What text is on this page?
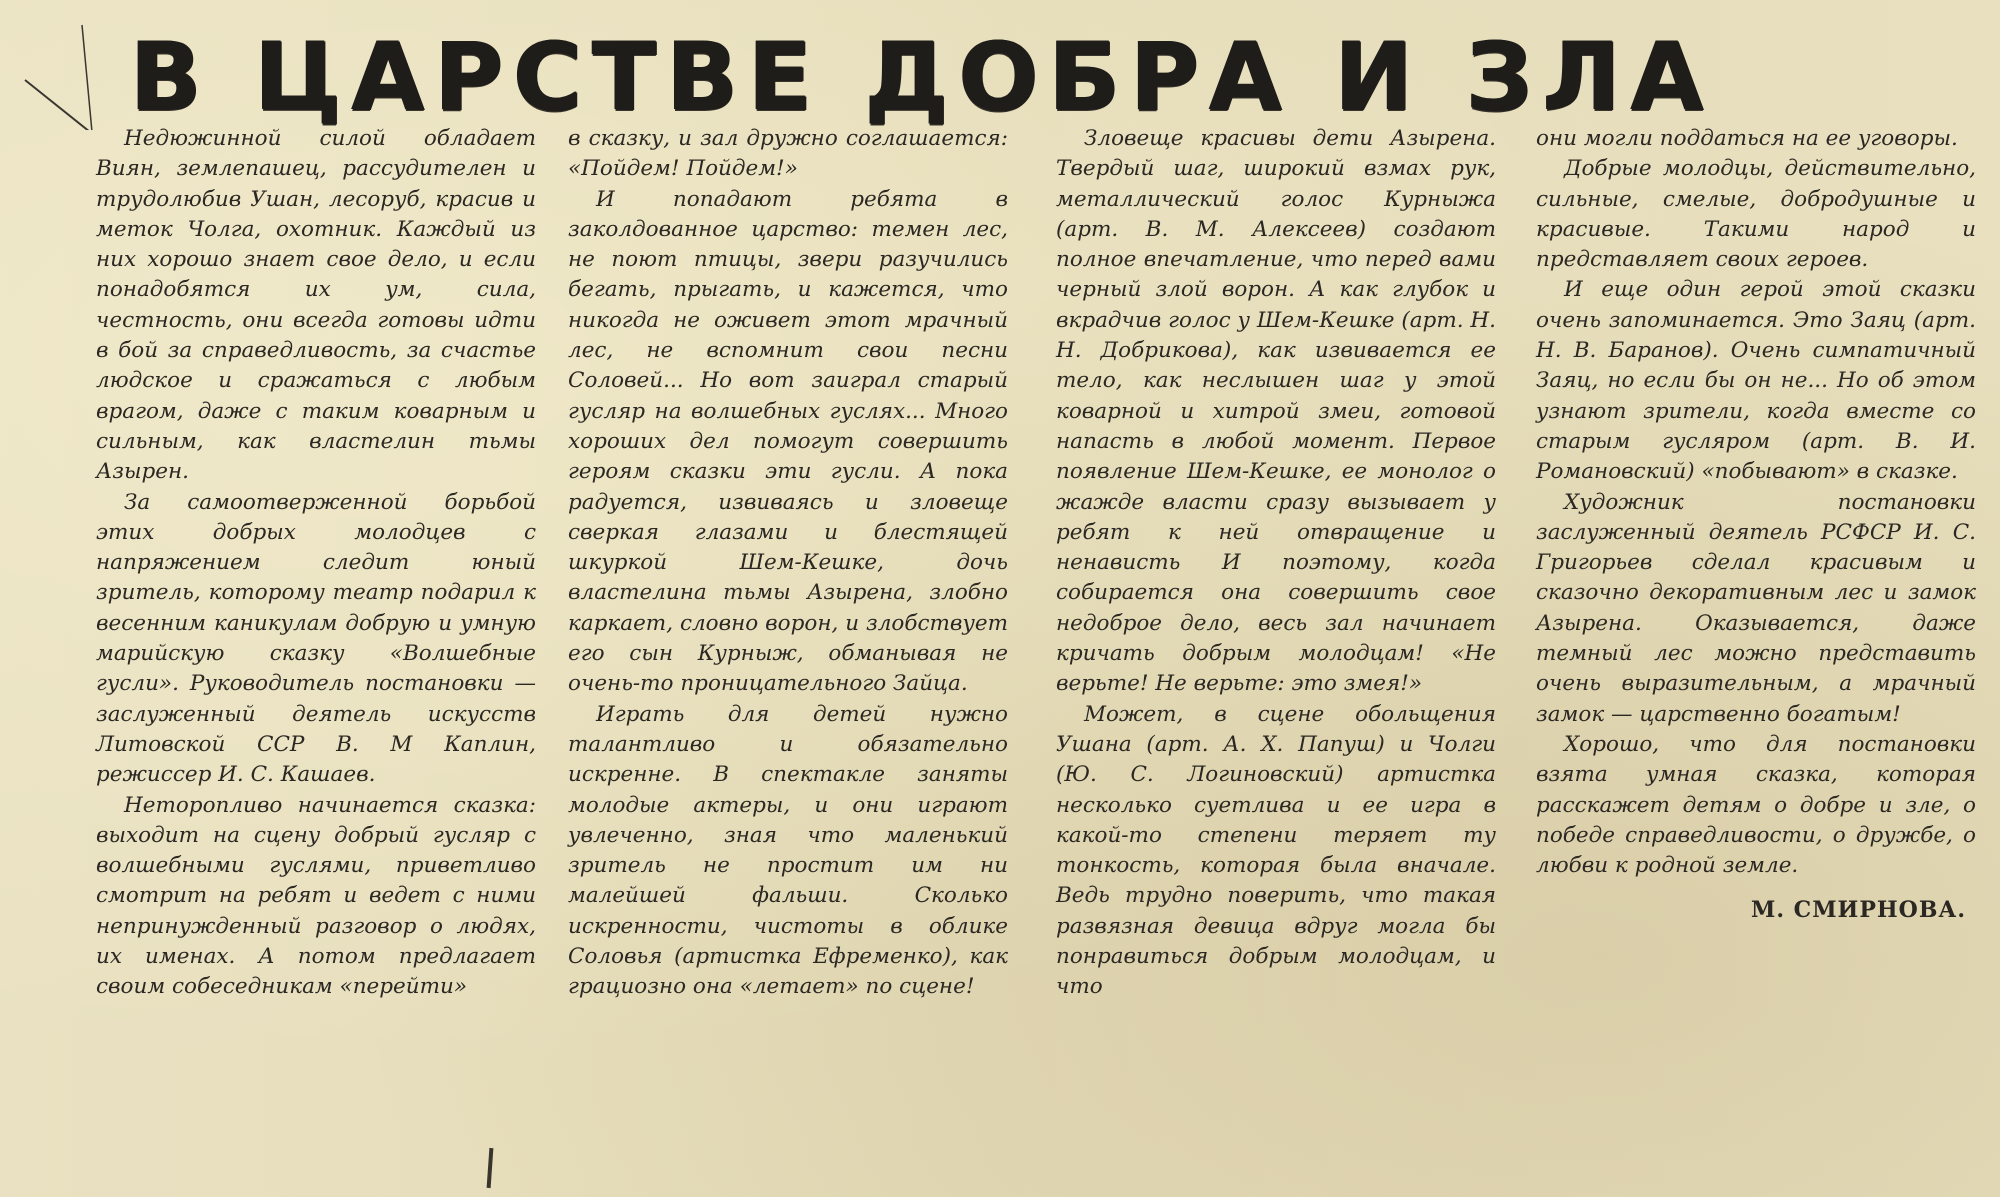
В ЦАРСТВЕ ДОБРА И ЗЛА

Недюжинной силой обладает Виян, землепашец, рассудителен и трудолюбив Ушан, лесоруб, красив и меток Чолга, охотник. Каждый из них хорошо знает свое дело, и если понадобятся их ум, сила, честность, они всегда готовы идти в бой за справедливость, за счастье людское и сражаться с любым врагом, даже с таким коварным и сильным, как властелин тьмы Азырен.

За самоотверженной борьбой этих добрых молодцев с напряжением следит юный зритель, которому театр подарил к весенним каникулам добрую и умную марийскую сказку «Волшебные гусли». Руководитель постановки — заслуженный деятель искусств Литовской ССР В. М Каплин, режиссер И. С. Кашаев.

Неторопливо начинается сказка: выходит на сцену добрый гусляр с волшебными гуслями, приветливо смотрит на ребят и ведет с ними непринужденный разговор о людях, их именах. А потом предлагает своим собеседникам «перейти»

в сказку, и зал дружно соглашается: «Пойдем! Пойдем!»

И попадают ребята в заколдованное царство: темен лес, не поют птицы, звери разучились бегать, прыгать, и кажется, что никогда не оживет этот мрачный лес, не вспомнит свои песни Соловей... Но вот заиграл старый гусляр на волшебных гуслях... Много хороших дел помогут совершить героям сказки эти гусли. А пока радуется, извиваясь и зловеще сверкая глазами и блестящей шкуркой Шем-Кешке, дочь властелина тьмы Азырена, злобно каркает, словно ворон, и злобствует его сын Курныж, обманывая не очень-то проницательного Зайца.

Играть для детей нужно талантливо и обязательно искренне. В спектакле заняты молодые актеры, и они играют увлеченно, зная что маленький зритель не простит им ни малейшей фальши. Сколько искренности, чистоты в облике Соловья (артистка Ефременко), как грациозно она «летает» по сцене!

Зловеще красивы дети Азырена. Твердый шаг, широкий взмах рук, металлический голос Курныжа (арт. В. М. Алексеев) создают полное впечатление, что перед вами черный злой ворон. А как глубок и вкрадчив голос у Шем-Кешке (арт. Н. Н. Добрикова), как извивается ее тело, как неслышен шаг у этой коварной и хитрой змеи, готовой напасть в любой момент. Первое появление Шем-Кешке, ее монолог о жажде власти сразу вызывает у ребят к ней отвращение и ненависть И поэтому, когда собирается она совершить свое недоброе дело, весь зал начинает кричать добрым молодцам! «Не верьте! Не верьте: это змея!»

Может, в сцене обольщения Ушана (арт. А. Х. Папуш) и Чолги (Ю. С. Логиновский) артистка несколько суетлива и ее игра в какой-то степени теряет ту тонкость, которая была вначале. Ведь трудно поверить, что такая развязная девица вдруг могла бы понравиться добрым молодцам, и что

они могли поддаться на ее уговоры.

Добрые молодцы, действительно, сильные, смелые, добродушные и красивые. Такими народ и представляет своих героев.

И еще один герой этой сказки очень запоминается. Это Заяц (арт. Н. В. Баранов). Очень симпатичный Заяц, но если бы он не... Но об этом узнают зрители, когда вместе со старым гусляром (арт. В. И. Романовский) «побывают» в сказке.

Художник постановки заслуженный деятель РСФСР И. С. Григорьев сделал красивым и сказочно декоративным лес и замок Азырена. Оказывается, даже темный лес можно представить очень выразительным, а мрачный замок — царственно богатым!

Хорошо, что для постановки взята умная сказка, которая расскажет детям о добре и зле, о победе справедливости, о дружбе, о любви к родной земле.

М. СМИРНОВА.
